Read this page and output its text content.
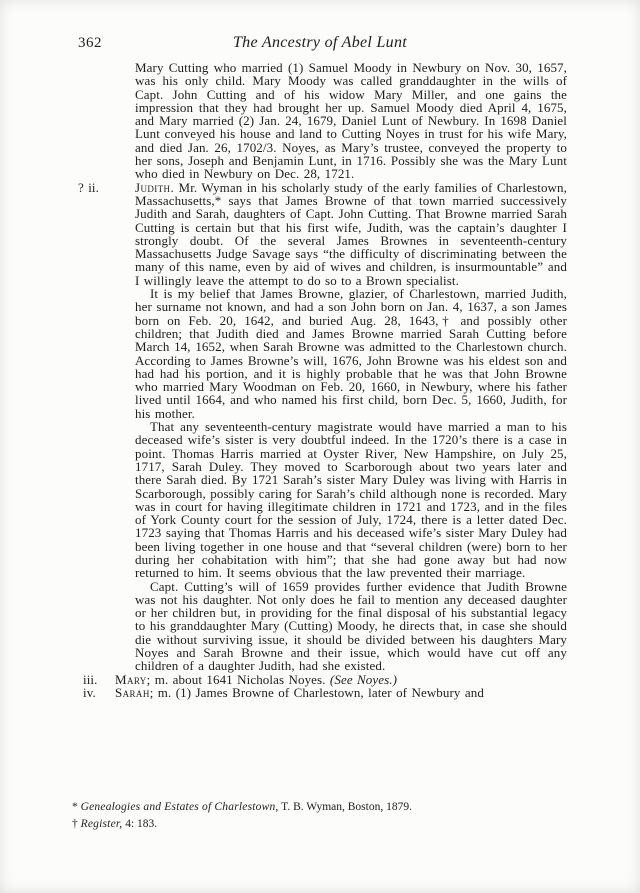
362	The Ancestry of Abel Lunt

Mary Cutting who married (1) Samuel Moody in Newbury on Nov. 30, 1657, was his only child. Mary Moody was called granddaughter in the wills of Capt. John Cutting and of his widow Mary Miller, and one gains the impression that they had brought her up. Samuel Moody died April 4, 1675, and Mary married (2) Jan. 24, 1679, Daniel Lunt of Newbury. In 1698 Daniel Lunt conveyed his house and land to Cutting Noyes in trust for his wife Mary, and died Jan. 26, 1702/3. Noyes, as Mary’s trustee, conveyed the property to her sons, Joseph and Benjamin Lunt, in 1716. Possibly she was the Mary Lunt who died in Newbury on Dec. 28, 1721.

? ii.	Judith. Mr. Wyman in his scholarly study of the early families of Charlestown, Massachusetts,* says that James Browne of that town married successively Judith and Sarah, daughters of Capt. John Cutting. That Browne married Sarah Cutting is certain but that his first wife, Judith, was the captain’s daughter I strongly doubt. Of the several James Brownes in seventeenth-century Massachusetts Judge Savage says “the difficulty of discriminating between the many of this name, even by aid of wives and children, is insurmountable” and I willingly leave the attempt to do so to a Brown specialist.

It is my belief that James Browne, glazier, of Charlestown, married Judith, her surname not known, and had a son John born on Jan. 4, 1637, a son James born on Feb. 20, 1642, and buried Aug. 28, 1643,† and possibly other children; that Judith died and James Browne married Sarah Cutting before March 14, 1652, when Sarah Browne was admitted to the Charlestown church. According to James Browne’s will, 1676, John Browne was his eldest son and had had his portion, and it is highly probable that he was that John Browne who married Mary Woodman on Feb. 20, 1660, in Newbury, where his father lived until 1664, and who named his first child, born Dec. 5, 1660, Judith, for his mother.

That any seventeenth-century magistrate would have married a man to his deceased wife’s sister is very doubtful indeed. In the 1720’s there is a case in point. Thomas Harris married at Oyster River, New Hampshire, on July 25, 1717, Sarah Duley. They moved to Scarborough about two years later and there Sarah died. By 1721 Sarah’s sister Mary Duley was living with Harris in Scarborough, possibly caring for Sarah’s child although none is recorded. Mary was in court for having illegitimate children in 1721 and 1723, and in the files of York County court for the session of July, 1724, there is a letter dated Dec. 1723 saying that Thomas Harris and his deceased wife’s sister Mary Duley had been living together in one house and that “several children (were) born to her during her cohabitation with him”; that she had gone away but had now returned to him. It seems obvious that the law prevented their marriage.

Capt. Cutting’s will of 1659 provides further evidence that Judith Browne was not his daughter. Not only does he fail to mention any deceased daughter or her children but, in providing for the final disposal of his substantial legacy to his granddaughter Mary (Cutting) Moody, he directs that, in case she should die without surviving issue, it should be divided between his daughters Mary Noyes and Sarah Browne and their issue, which would have cut off any children of a daughter Judith, had she existed.

iii. Mary; m. about 1641 Nicholas Noyes. (See Noyes.)
iv. Sarah; m. (1) James Browne of Charlestown, later of Newbury and
* Genealogies and Estates of Charlestown, T. B. Wyman, Boston, 1879.
† Register, 4: 183.
